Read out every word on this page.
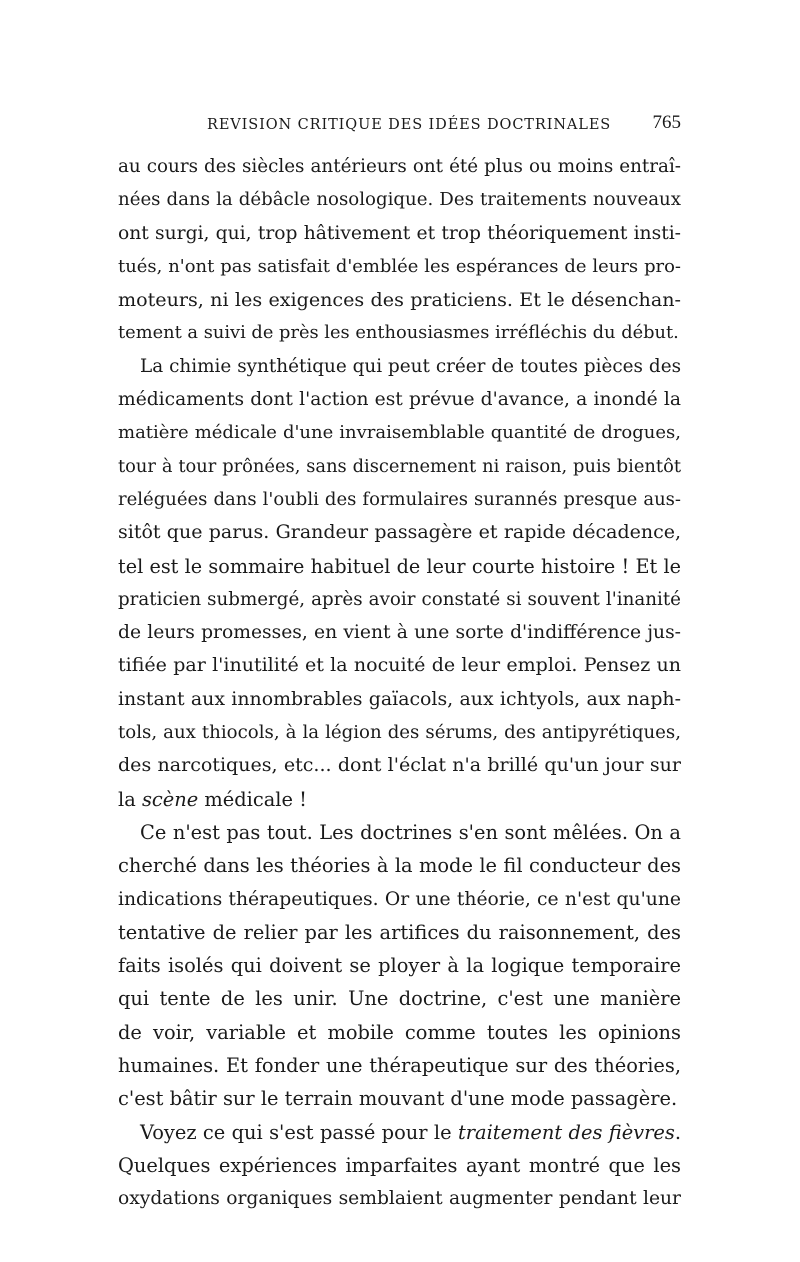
REVISION CRITIQUE DES IDÉES DOCTRINALES 765
au cours des siècles antérieurs ont été plus ou moins entraî-
nées dans la débâcle nosologique. Des traitements nouveaux
ont surgi, qui, trop hâtivement et trop théoriquement insti-
tués, n'ont pas satisfait d'emblée les espérances de leurs pro-
moteurs, ni les exigences des praticiens. Et le désenchan-
tement a suivi de près les enthousiasmes irréfléchis du début.
La chimie synthétique qui peut créer de toutes pièces des
médicaments dont l'action est prévue d'avance, a inondé la
matière médicale d'une invraisemblable quantité de drogues,
tour à tour prônées, sans discernement ni raison, puis bientôt
reléguées dans l'oubli des formulaires surannés presque aus-
sitôt que parus. Grandeur passagère et rapide décadence,
tel est le sommaire habituel de leur courte histoire ! Et le
praticien submergé, après avoir constaté si souvent l'inanité
de leurs promesses, en vient à une sorte d'indifférence jus-
tifiée par l'inutilité et la nocuité de leur emploi. Pensez un
instant aux innombrables gaïacols, aux ichtyols, aux naph-
tols, aux thiocols, à la légion des sérums, des antipyrétiques,
des narcotiques, etc... dont l'éclat n'a brillé qu'un jour sur
la scène médicale !
Ce n'est pas tout. Les doctrines s'en sont mêlées. On a
cherché dans les théories à la mode le fil conducteur des
indications thérapeutiques. Or une théorie, ce n'est qu'une
tentative de relier par les artifices du raisonnement, des
faits isolés qui doivent se ployer à la logique temporaire
qui tente de les unir. Une doctrine, c'est une manière
de voir, variable et mobile comme toutes les opinions
humaines. Et fonder une thérapeutique sur des théories,
c'est bâtir sur le terrain mouvant d'une mode passagère.
Voyez ce qui s'est passé pour le traitement des fièvres.
Quelques expériences imparfaites ayant montré que les
oxydations organiques semblaient augmenter pendant leur
